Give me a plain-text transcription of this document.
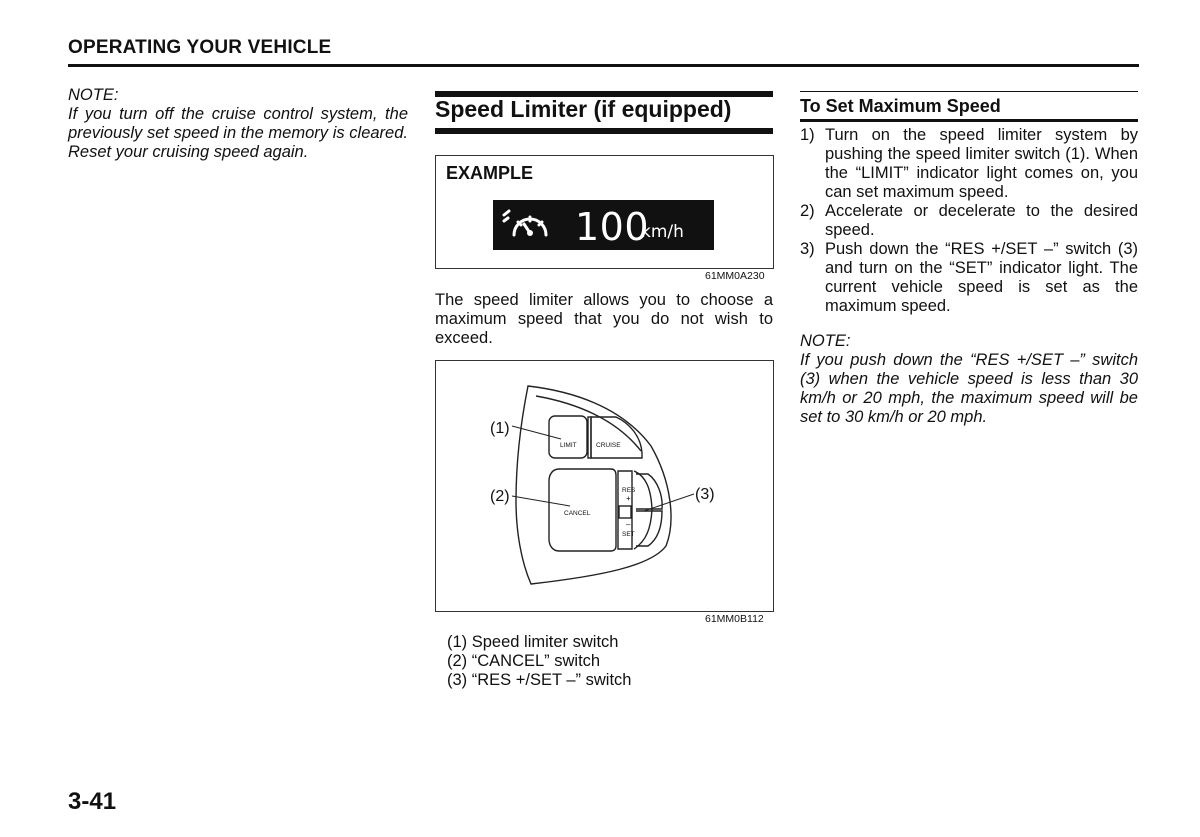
OPERATING YOUR VEHICLE
NOTE:
If you turn off the cruise control system, the previously set speed in the memory is cleared. Reset your cruising speed again.
Speed Limiter (if equipped)
EXAMPLE
100
km/h
61MM0A230
The speed limiter allows you to choose a maximum speed that you do not wish to exceed.
(1)
(2)	(3)
LIMIT	CRUISE
CANCEL
RES
+
–
SET
61MM0B112
(1) Speed limiter switch
(2) “CANCEL” switch
(3) “RES +/SET –” switch
To Set Maximum Speed
1) Turn on the speed limiter system by pushing the speed limiter switch (1). When the “LIMIT” indicator light comes on, you can set maximum speed.
2) Accelerate or decelerate to the desired speed.
3) Push down the “RES +/SET –” switch (3) and turn on the “SET” indicator light. The current vehicle speed is set as the maximum speed.
NOTE:
If you push down the “RES +/SET –” switch (3) when the vehicle speed is less than 30 km/h or 20 mph, the maximum speed will be set to 30 km/h or 20 mph.
3-41
